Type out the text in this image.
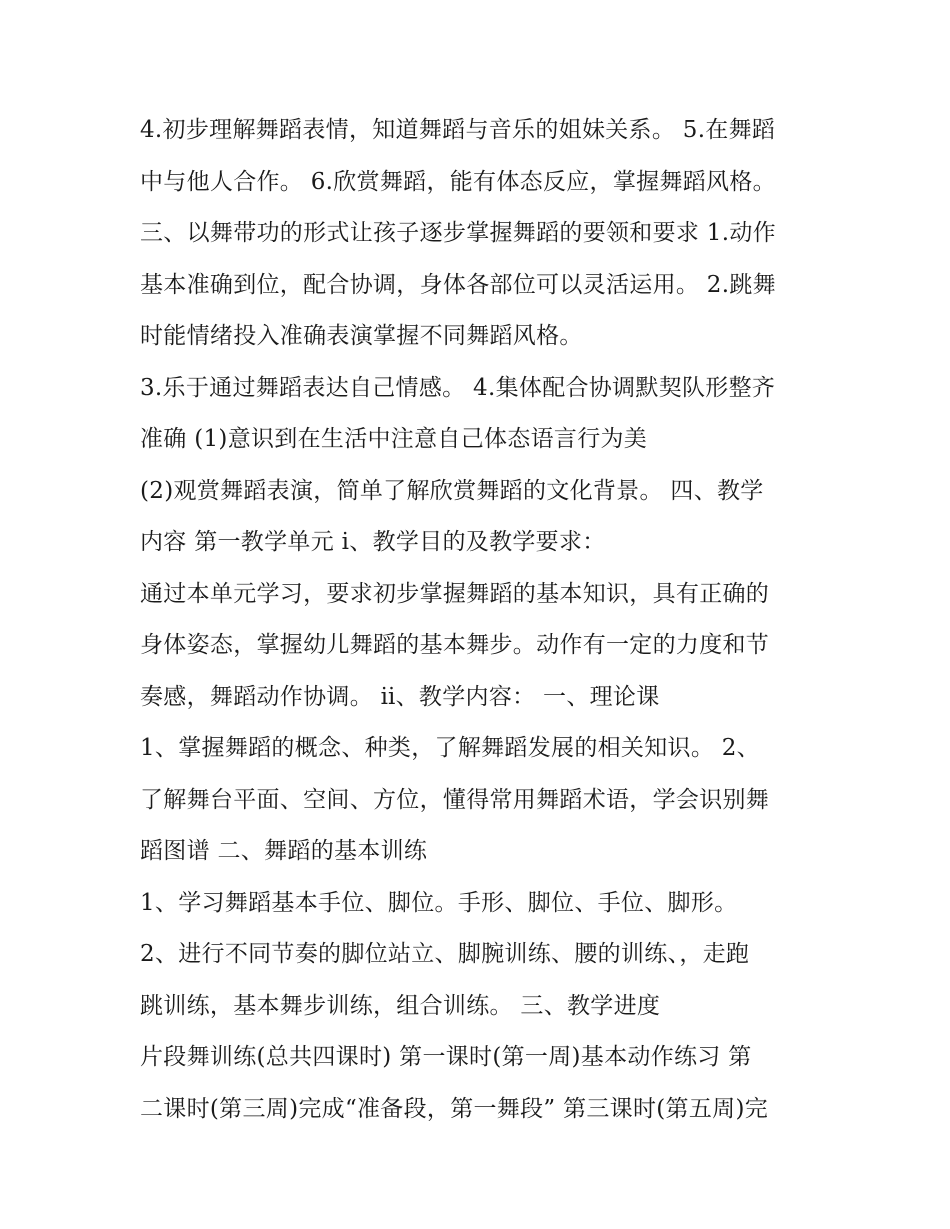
4.初步理解舞蹈表情，知道舞蹈与音乐的姐妹关系。 5.在舞蹈
中与他人合作。 6.欣赏舞蹈，能有体态反应，掌握舞蹈风格。
三、以舞带功的形式让孩子逐步掌握舞蹈的要领和要求 1.动作
基本准确到位，配合协调，身体各部位可以灵活运用。 2.跳舞
时能情绪投入准确表演掌握不同舞蹈风格。
3.乐于通过舞蹈表达自己情感。 4.集体配合协调默契队形整齐
准确 (1)意识到在生活中注意自己体态语言行为美
(2)观赏舞蹈表演，简单了解欣赏舞蹈的文化背景。 四、教学
内容 第一教学单元 ⅰ、教学目的及教学要求：
通过本单元学习，要求初步掌握舞蹈的基本知识，具有正确的
身体姿态，掌握幼儿舞蹈的基本舞步。动作有一定的力度和节
奏感，舞蹈动作协调。 ⅱ、教学内容： 一、理论课
1、掌握舞蹈的概念、种类，了解舞蹈发展的相关知识。 2、
了解舞台平面、空间、方位，懂得常用舞蹈术语，学会识别舞
蹈图谱 二、舞蹈的基本训练
1、学习舞蹈基本手位、脚位。手形、脚位、手位、脚形。
2、进行不同节奏的脚位站立、脚腕训练、腰的训练、，走跑
跳训练，基本舞步训练，组合训练。 三、教学进度
片段舞训练(总共四课时) 第一课时(第一周)基本动作练习 第
二课时(第三周)完成“准备段，第一舞段” 第三课时(第五周)完
